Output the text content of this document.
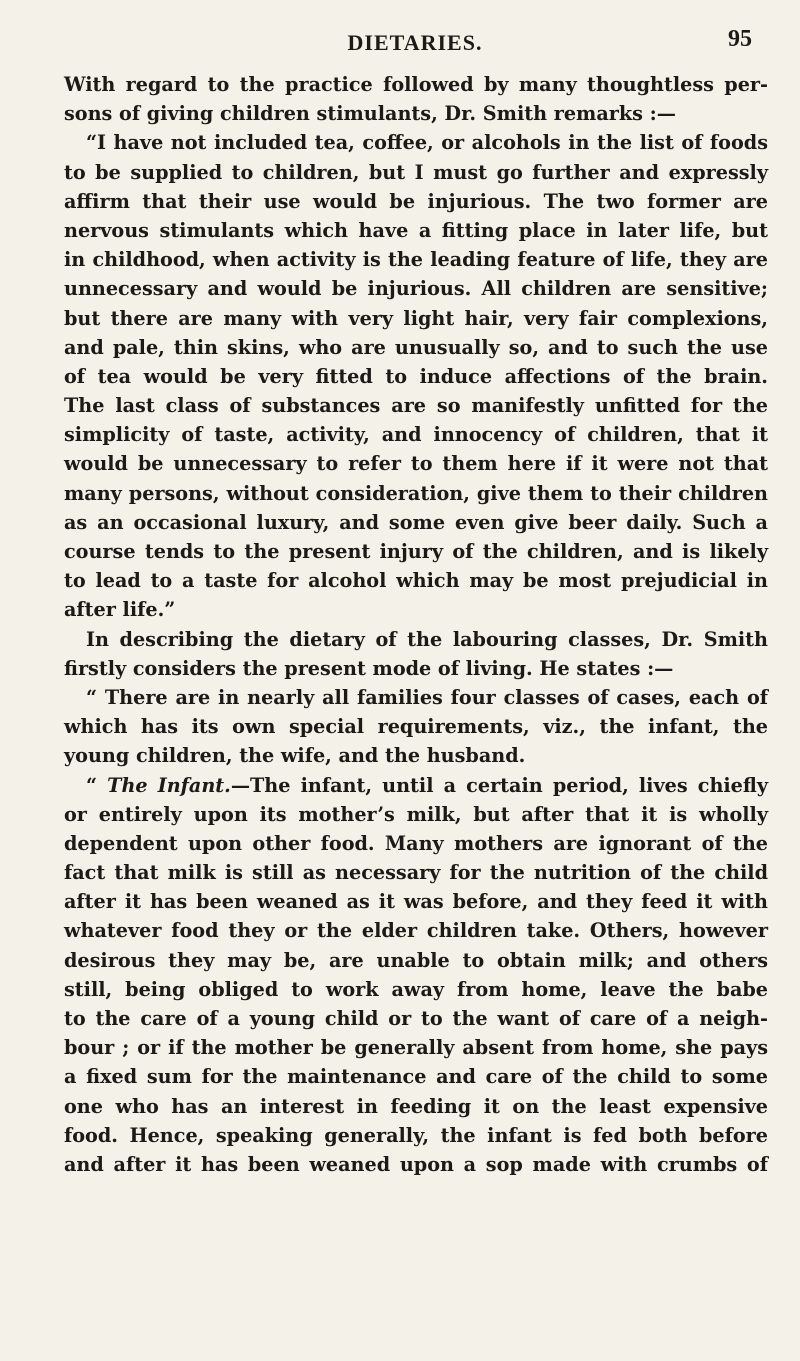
DIETARIES.	95
With regard to the practice followed by many thoughtless per-
sons of giving children stimulants, Dr. Smith remarks :—
“I have not included tea, coffee, or alcohols in the list of foods
to be supplied to children, but I must go further and expressly
affirm that their use would be injurious. The two former are
nervous stimulants which have a fitting place in later life, but
in childhood, when activity is the leading feature of life, they are
unnecessary and would be injurious. All children are sensitive;
but there are many with very light hair, very fair complexions,
and pale, thin skins, who are unusually so, and to such the use
of tea would be very fitted to induce affections of the brain.
The last class of substances are so manifestly unfitted for the
simplicity of taste, activity, and innocency of children, that it
would be unnecessary to refer to them here if it were not that
many persons, without consideration, give them to their children
as an occasional luxury, and some even give beer daily. Such a
course tends to the present injury of the children, and is likely
to lead to a taste for alcohol which may be most prejudicial in
after life.”
In describing the dietary of the labouring classes, Dr. Smith
firstly considers the present mode of living. He states :—
“ There are in nearly all families four classes of cases, each of
which has its own special requirements, viz., the infant, the
young children, the wife, and the husband.
“ The Infant.—The infant, until a certain period, lives chiefly
or entirely upon its mother’s milk, but after that it is wholly
dependent upon other food. Many mothers are ignorant of the
fact that milk is still as necessary for the nutrition of the child
after it has been weaned as it was before, and they feed it with
whatever food they or the elder children take. Others, however
desirous they may be, are unable to obtain milk; and others
still, being obliged to work away from home, leave the babe
to the care of a young child or to the want of care of a neigh-
bour ; or if the mother be generally absent from home, she pays
a fixed sum for the maintenance and care of the child to some
one who has an interest in feeding it on the least expensive
food. Hence, speaking generally, the infant is fed both before
and after it has been weaned upon a sop made with crumbs of
